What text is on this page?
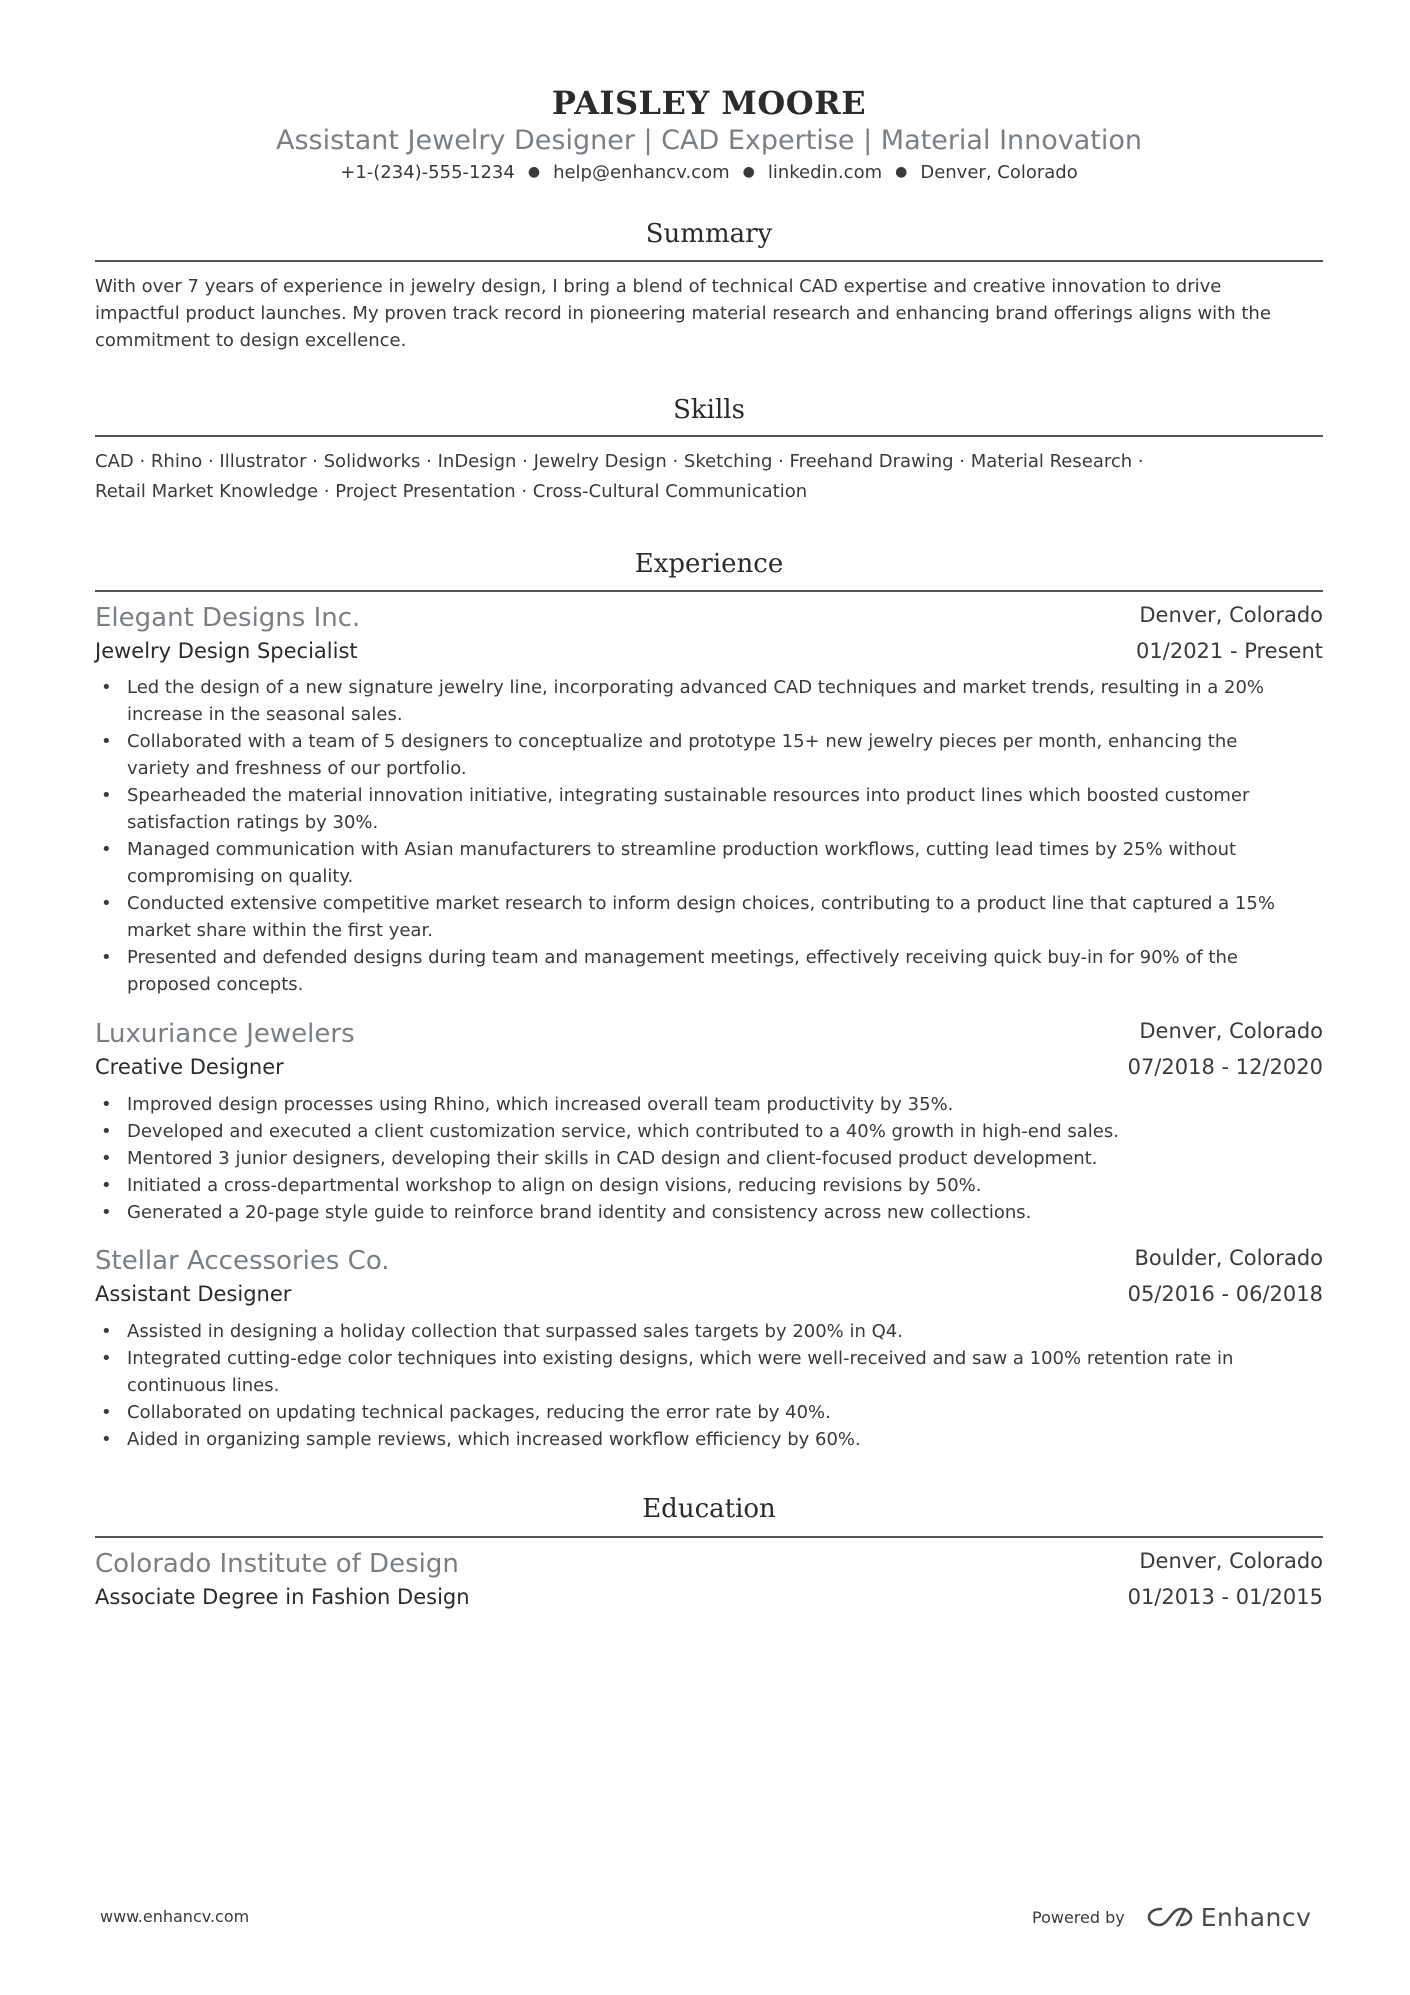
PAISLEY MOORE
Assistant Jewelry Designer | CAD Expertise | Material Innovation
+1-(234)-555-1234 ● help@enhancv.com ● linkedin.com ● Denver, Colorado
Summary
With over 7 years of experience in jewelry design, I bring a blend of technical CAD expertise and creative innovation to drive
impactful product launches. My proven track record in pioneering material research and enhancing brand offerings aligns with the
commitment to design excellence.
Skills
CAD · Rhino · Illustrator · Solidworks · InDesign · Jewelry Design · Sketching · Freehand Drawing · Material Research ·
Retail Market Knowledge · Project Presentation · Cross-Cultural Communication
Experience
Elegant Designs Inc.	Denver, Colorado
Jewelry Design Specialist	01/2021 - Present
• Led the design of a new signature jewelry line, incorporating advanced CAD techniques and market trends, resulting in a 20%
increase in the seasonal sales.
• Collaborated with a team of 5 designers to conceptualize and prototype 15+ new jewelry pieces per month, enhancing the
variety and freshness of our portfolio.
• Spearheaded the material innovation initiative, integrating sustainable resources into product lines which boosted customer
satisfaction ratings by 30%.
• Managed communication with Asian manufacturers to streamline production workflows, cutting lead times by 25% without
compromising on quality.
• Conducted extensive competitive market research to inform design choices, contributing to a product line that captured a 15%
market share within the first year.
• Presented and defended designs during team and management meetings, effectively receiving quick buy-in for 90% of the
proposed concepts.
Luxuriance Jewelers	Denver, Colorado
Creative Designer	07/2018 - 12/2020
• Improved design processes using Rhino, which increased overall team productivity by 35%.
• Developed and executed a client customization service, which contributed to a 40% growth in high-end sales.
• Mentored 3 junior designers, developing their skills in CAD design and client-focused product development.
• Initiated a cross-departmental workshop to align on design visions, reducing revisions by 50%.
• Generated a 20-page style guide to reinforce brand identity and consistency across new collections.
Stellar Accessories Co.	Boulder, Colorado
Assistant Designer	05/2016 - 06/2018
• Assisted in designing a holiday collection that surpassed sales targets by 200% in Q4.
• Integrated cutting-edge color techniques into existing designs, which were well-received and saw a 100% retention rate in
continuous lines.
• Collaborated on updating technical packages, reducing the error rate by 40%.
• Aided in organizing sample reviews, which increased workflow efficiency by 60%.
Education
Colorado Institute of Design	Denver, Colorado
Associate Degree in Fashion Design	01/2013 - 01/2015
www.enhancv.com	Powered by	Enhancv
